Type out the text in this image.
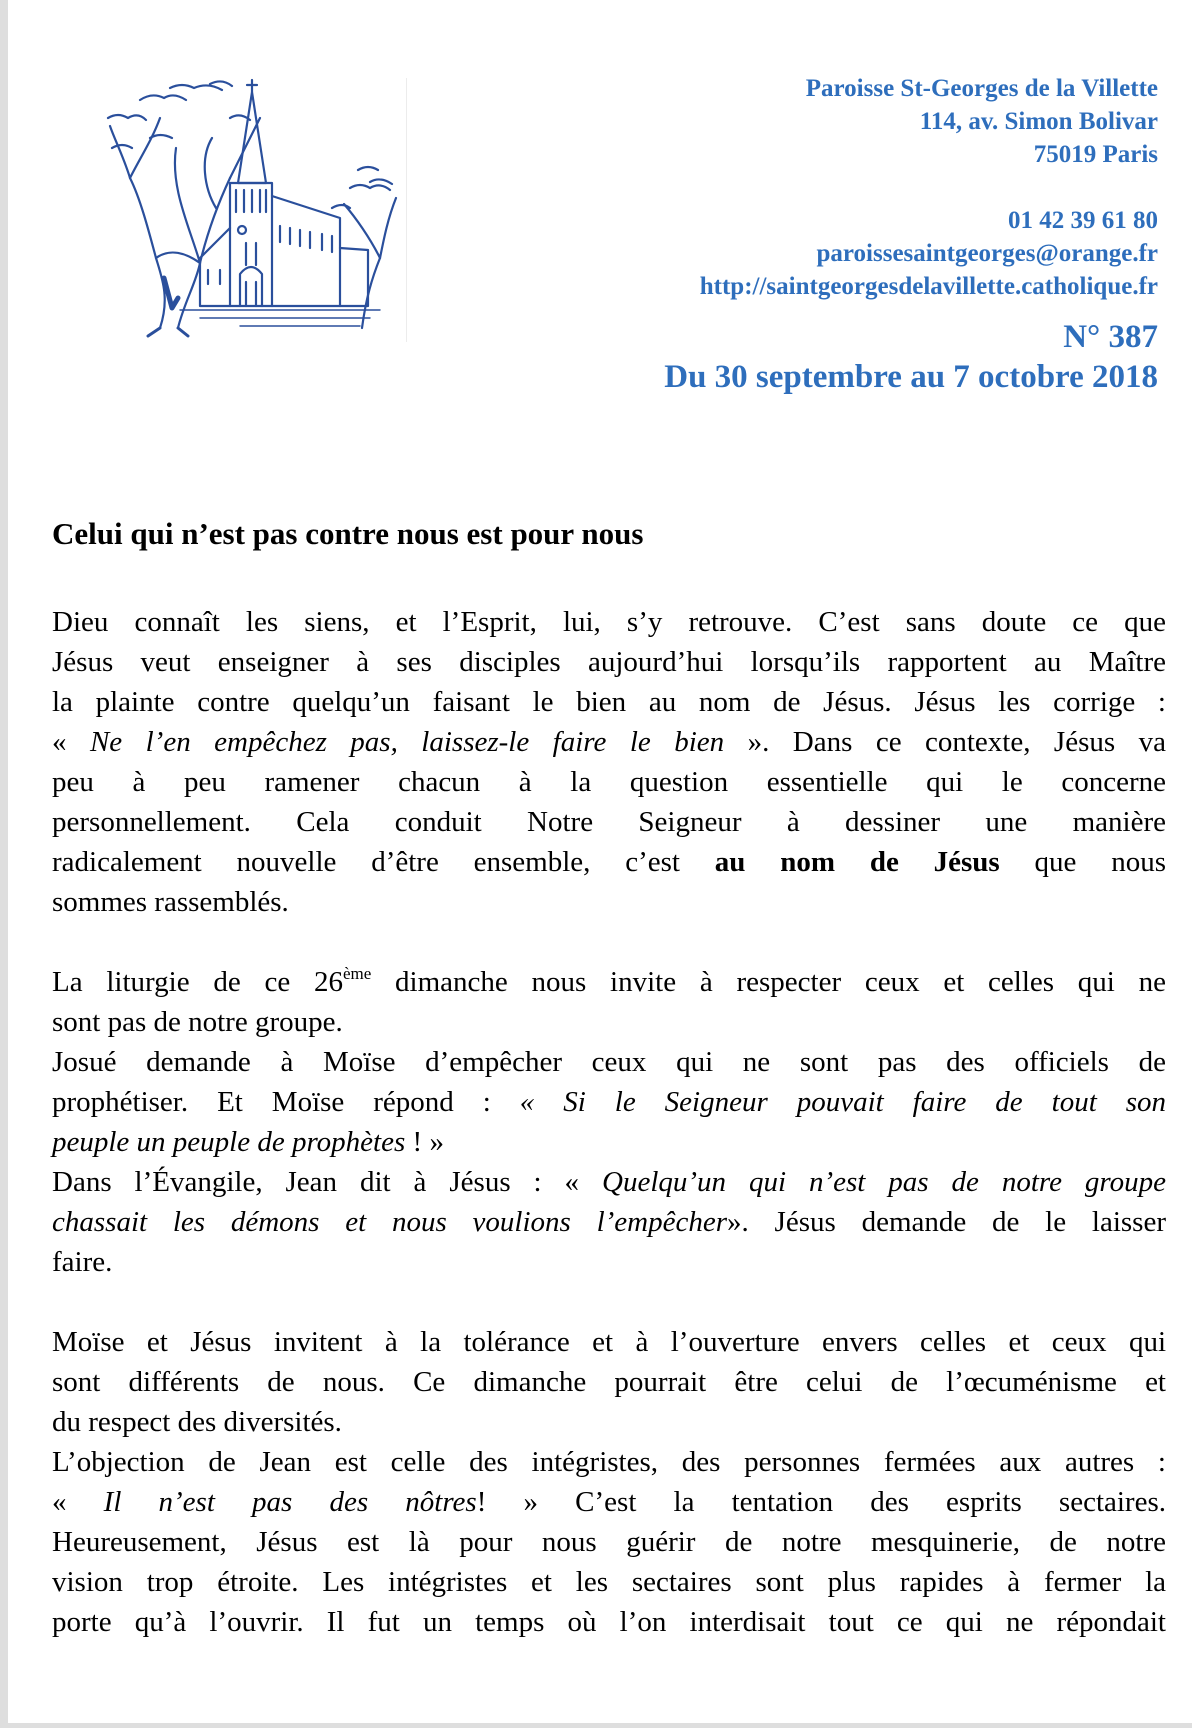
Paroisse St-Georges de la Villette
114, av. Simon Bolivar
75019 Paris
01 42 39 61 80
paroissesaintgeorges@orange.fr
http://saintgeorgesdelavillette.catholique.fr
N° 387
Du 30 septembre au 7 octobre 2018
Celui qui n’est pas contre nous est pour nous
Dieu connaît les siens, et l’Esprit, lui, s’y retrouve. C’est sans doute ce que
Jésus veut enseigner à ses disciples aujourd’hui lorsqu’ils rapportent au Maître
la plainte contre quelqu’un faisant le bien au nom de Jésus. Jésus les corrige :
« Ne l’en empêchez pas, laissez-le faire le bien ». Dans ce contexte, Jésus va
peu à peu ramener chacun à la question essentielle qui le concerne
personnellement. Cela conduit Notre Seigneur à dessiner une manière
radicalement nouvelle d’être ensemble, c’est au nom de Jésus que nous
sommes rassemblés.
La liturgie de ce 26ème dimanche nous invite à respecter ceux et celles qui ne
sont pas de notre groupe.
Josué demande à Moïse d’empêcher ceux qui ne sont pas des officiels de
prophétiser. Et Moïse répond : « Si le Seigneur pouvait faire de tout son
peuple un peuple de prophètes ! »
Dans l’Évangile, Jean dit à Jésus : « Quelqu’un qui n’est pas de notre groupe
chassait les démons et nous voulions l’empêcher». Jésus demande de le laisser
faire.
Moïse et Jésus invitent à la tolérance et à l’ouverture envers celles et ceux qui
sont différents de nous. Ce dimanche pourrait être celui de l’œcuménisme et
du respect des diversités.
L’objection de Jean est celle des intégristes, des personnes fermées aux autres :
« Il n’est pas des nôtres! » C’est la tentation des esprits sectaires.
Heureusement, Jésus est là pour nous guérir de notre mesquinerie, de notre
vision trop étroite. Les intégristes et les sectaires sont plus rapides à fermer la
porte qu’à l’ouvrir. Il fut un temps où l’on interdisait tout ce qui ne répondait
